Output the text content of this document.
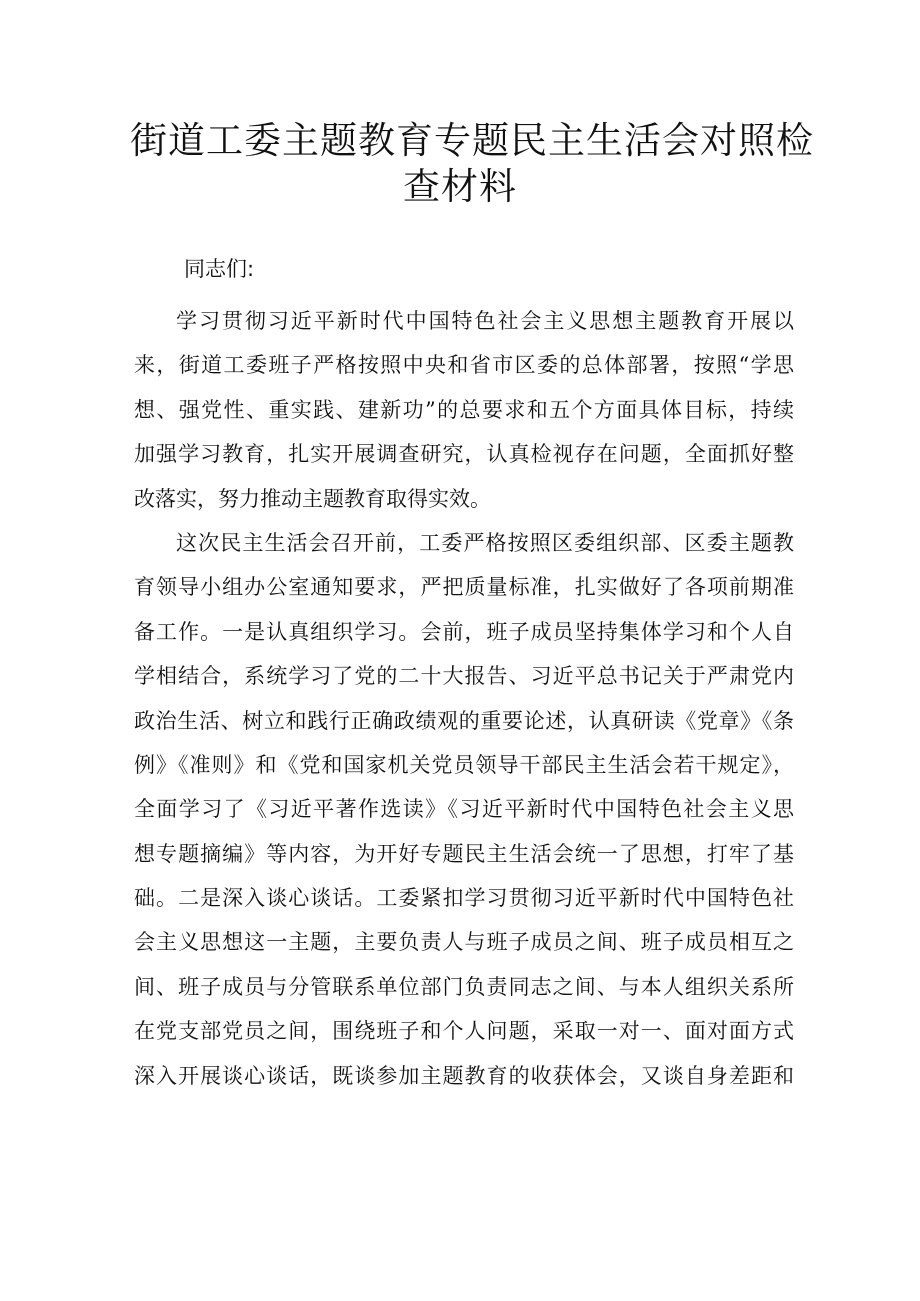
街道工委主题教育专题民主生活会对照检
查材料

同志们:

学习贯彻习近平新时代中国特色社会主义思想主题教育开展以
来，街道工委班子严格按照中央和省市区委的总体部署，按照“学思
想、强党性、重实践、建新功”的总要求和五个方面具体目标，持续
加强学习教育，扎实开展调查研究，认真检视存在问题，全面抓好整
改落实，努力推动主题教育取得实效。
这次民主生活会召开前，工委严格按照区委组织部、区委主题教
育领导小组办公室通知要求，严把质量标准，扎实做好了各项前期准
备工作。一是认真组织学习。会前，班子成员坚持集体学习和个人自
学相结合，系统学习了党的二十大报告、习近平总书记关于严肃党内
政治生活、树立和践行正确政绩观的重要论述，认真研读《党章》《条
例》《准则》和《党和国家机关党员领导干部民主生活会若干规定》，
全面学习了《习近平著作选读》《习近平新时代中国特色社会主义思
想专题摘编》等内容，为开好专题民主生活会统一了思想，打牢了基
础。二是深入谈心谈话。工委紧扣学习贯彻习近平新时代中国特色社
会主义思想这一主题，主要负责人与班子成员之间、班子成员相互之
间、班子成员与分管联系单位部门负责同志之间、与本人组织关系所
在党支部党员之间，围绕班子和个人问题，采取一对一、面对面方式
深入开展谈心谈话，既谈参加主题教育的收获体会，又谈自身差距和
